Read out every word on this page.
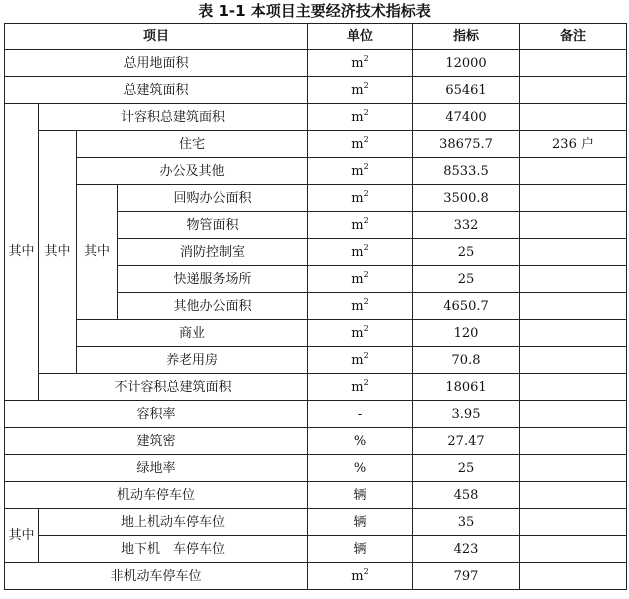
表 1-1 本项目主要经济技术指标表
项目				单位	指标	备注
总用地面积				$m^2$	12000	
总建筑面积				$m^2$	65461	
其中	计容积总建筑面积			$m^2$	47400	
	其中	住宅		$m^2$	38675.7	236 户
		办公及其他		$m^2$	8533.5	
		其中	回购办公面积	$m^2$	3500.8	
			物管面积	$m^2$	332	
			消防控制室	$m^2$	25	
			快递服务场所	$m^2$	25	
			其他办公面积	$m^2$	4650.7	
		商业		$m^2$	120	
		养老用房		$m^2$	70.8	
	不计容积总建筑面积			$m^2$	18061	
容积率				-	3.95	
建筑密				%	27.47	
绿地率				%	25	
机动车停车位				辆	458	
其中	地上机动车停车位			辆	35	
	地下机　车停车位			辆	423	
非机动车停车位				$m^2$	797	
